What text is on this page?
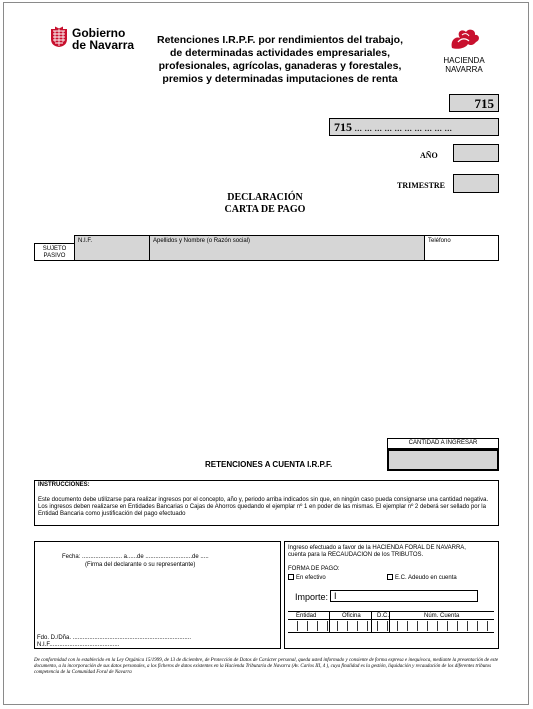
Gobierno
de Navarra	Retenciones I.R.P.F. por rendimientos del trabajo,
de determinadas actividades empresariales,
profesionales, agrícolas, ganaderas y forestales,
premios y determinadas imputaciones de renta
HACIENDA
NAVARRA
715
715 ... ... ... ... ... ... ... ... ... ...
AÑO
TRIMESTRE
DECLARACIÓN
CARTA DE PAGO
SUJETO PASIVO
N.I.F.	Apellidos y Nombre (o Razón social)	Teléfono
CANTIDAD A INGRESAR
RETENCIONES A CUENTA I.R.P.F.
INSTRUCCIONES:
Este documento debe utilizarse para realizar ingresos por el concepto, año y, periodo arriba indicados sin que, en ningún caso pueda consignarse una cantidad negativa. Los ingresos deben realizarse en Entidades Bancarias o Cajas de Ahorros quedando el ejemplar nº 1 en poder de las mismas. El ejemplar nº 2 deberá ser sellado por la Entidad Bancaria como justificación del pago efectuado
Fecha: ........................ a......de ............................de .....
(Firma del declarante o su representante)
Fdo. D./Dña. .......................................................................
N.I.F..........................................
Ingreso efectuado a favor de la HACIENDA FORAL DE NAVARRA,
cuenta para la RECAUDACION de los TRIBUTOS.
FORMA DE PAGO:
En efectivo	E.C. Adeudo en cuenta
Importe: I
Entidad	Oficina	D.C.	Núm. Cuenta
De conformidad con lo establecido en la Ley Orgánica 15/1999, de 13 de diciembre, de Protección de Datos de Carácter personal, queda usted informado y consiente de forma expresa e inequívoca, mediante la presentación de este documento, a la incorporación de sus datos personales, a los ficheros de datos existentes en la Hacienda Tributaria de Navarra (Av. Carlos III, 4 ), cuya finalidad es la gestión, liquidación y recaudación de los diferentes tributos competencia de la Comunidad Foral de Navarra
